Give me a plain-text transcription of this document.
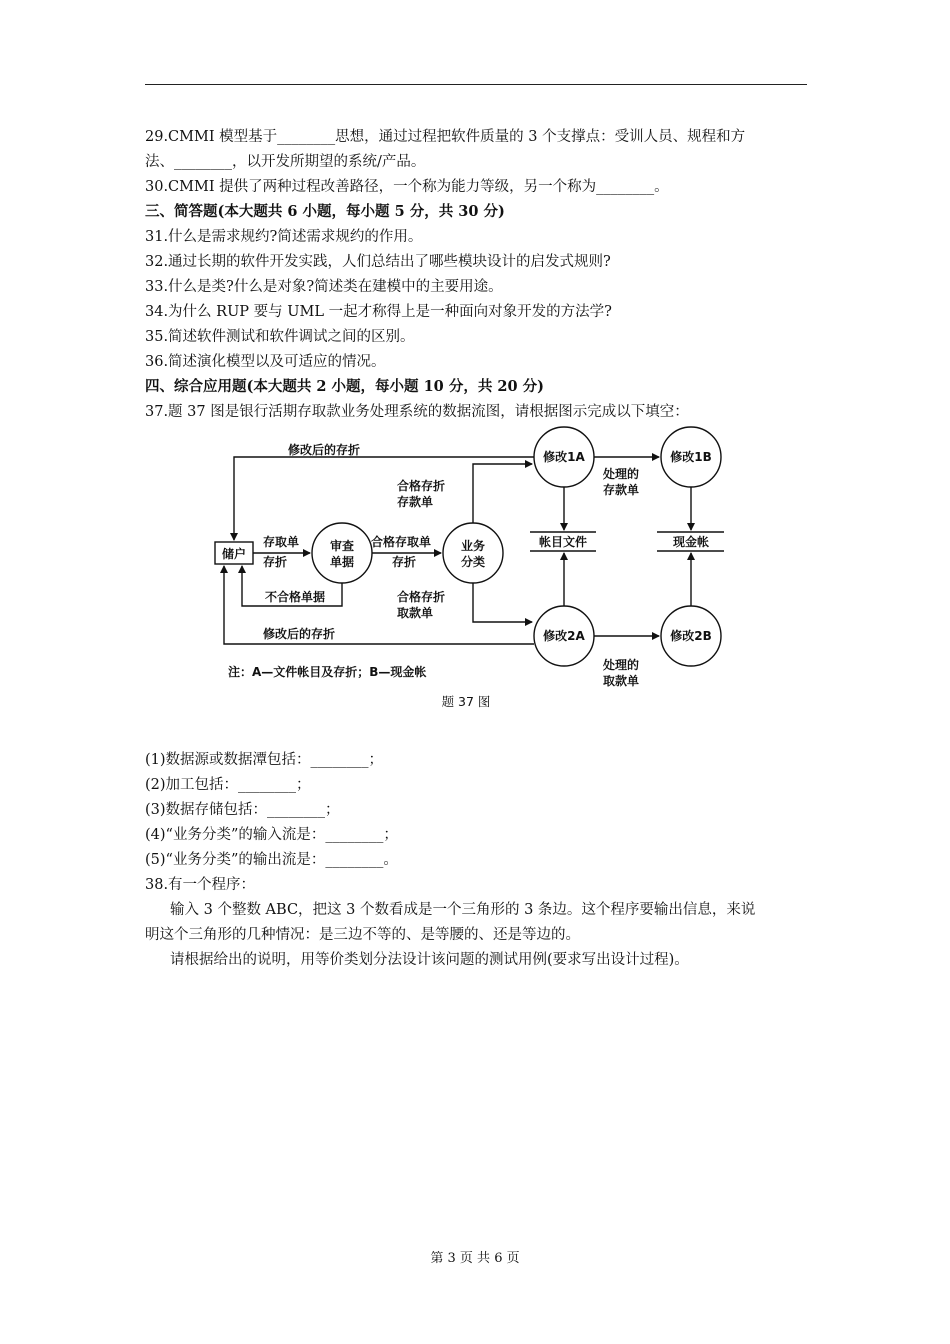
29.CMMI 模型基于________思想，通过过程把软件质量的 3 个支撑点：受训人员、规程和方
法、________，以开发所期望的系统/产品。
30.CMMI 提供了两种过程改善路径，一个称为能力等级，另一个称为________。
三、简答题(本大题共 6 小题，每小题 5 分，共 30 分)
31.什么是需求规约?简述需求规约的作用。
32.通过长期的软件开发实践，人们总结出了哪些模块设计的启发式规则?
33.什么是类?什么是对象?简述类在建模中的主要用途。
34.为什么 RUP 要与 UML 一起才称得上是一种面向对象开发的方法学?
35.简述软件测试和软件调试之间的区别。
36.简述演化模型以及可适应的情况。
四、综合应用题(本大题共 2 小题，每小题 10 分，共 20 分)
37.题 37 图是银行活期存取款业务处理系统的数据流图，请根据图示完成以下填空：
储户
审查
单据
业务
分类
修改1A	修改1B
修改2A	修改2B
帐目文件	现金帐
修改后的存折
存取单
存折
不合格单据
合格存取单
存折
合格存折
存款单
合格存折
取款单
处理的
存款单
修改后的存折
处理的
取款单
注：A—文件帐目及存折；B—现金帐
题 37 图
(1)数据源或数据潭包括：________；
(2)加工包括：________；
(3)数据存储包括：________；
(4)“业务分类”的输入流是：________；
(5)“业务分类”的输出流是：________。
38.有一个程序：
输入 3 个整数 ABC，把这 3 个数看成是一个三角形的 3 条边。这个程序要输出信息，来说
明这个三角形的几种情况：是三边不等的、是等腰的、还是等边的。
请根据给出的说明，用等价类划分法设计该问题的测试用例(要求写出设计过程)。
第 3 页 共 6 页
